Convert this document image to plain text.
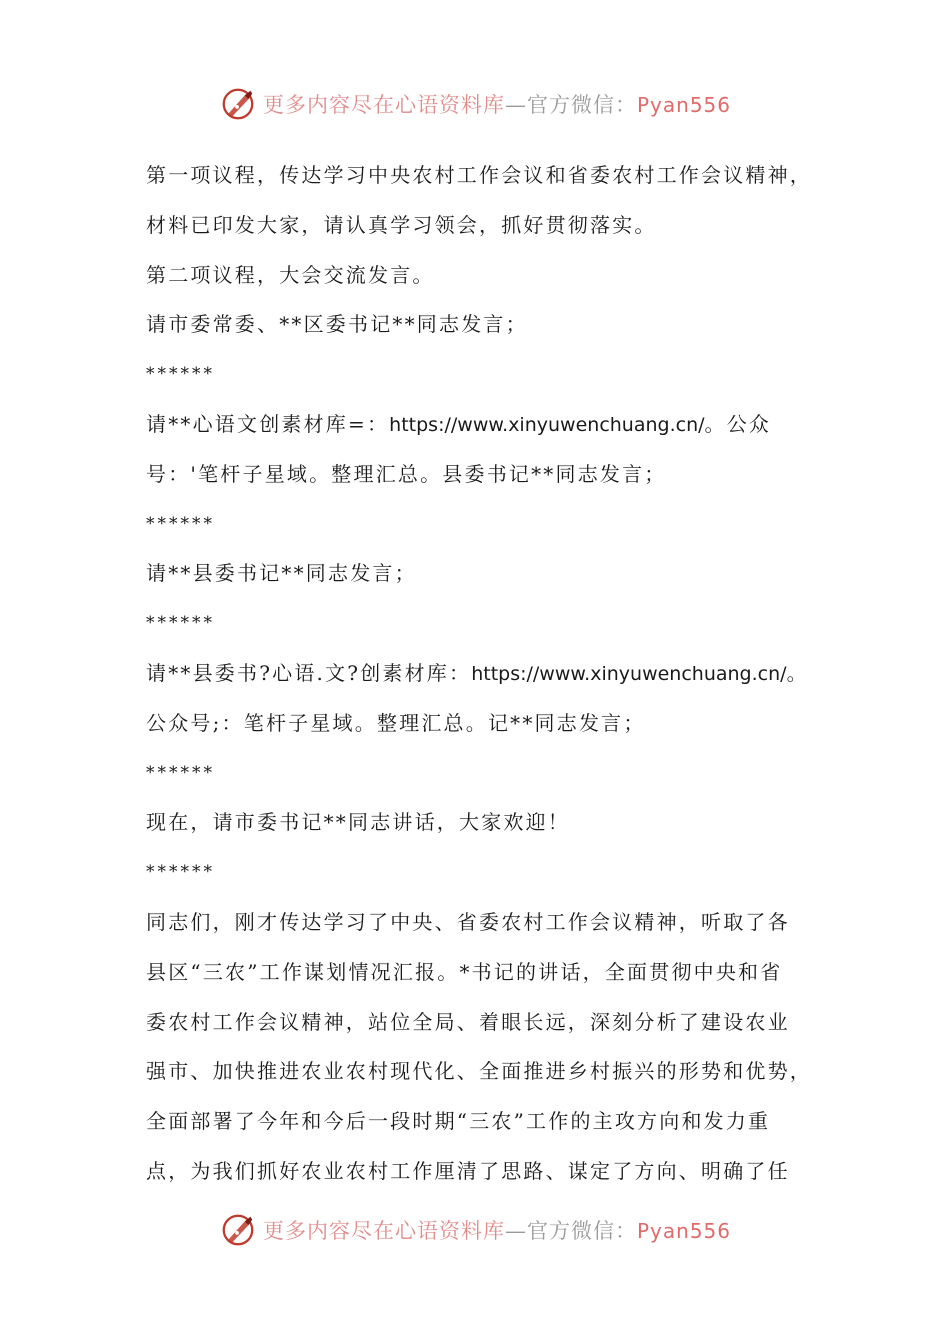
更多内容尽在心语资料库—官方微信：Pyan556
第一项议程，传达学习中央农村工作会议和省委农村工作会议精神，
材料已印发大家，请认真学习领会，抓好贯彻落实。
第二项议程，大会交流发言。
请市委常委、**区委书记**同志发言；
******
请**心语文创素材库=：https://www.xinyuwenchuang.cn/。公众
号：'笔杆子星域。整理汇总。县委书记**同志发言；
******
请**县委书记**同志发言；
******
请**县委书?心语.文?创素材库：https://www.xinyuwenchuang.cn/。
公众号;：笔杆子星域。整理汇总。记**同志发言；
******
现在，请市委书记**同志讲话，大家欢迎！
******
同志们，刚才传达学习了中央、省委农村工作会议精神，听取了各
县区“三农”工作谋划情况汇报。*书记的讲话，全面贯彻中央和省
委农村工作会议精神，站位全局、着眼长远，深刻分析了建设农业
强市、加快推进农业农村现代化、全面推进乡村振兴的形势和优势，
全面部署了今年和今后一段时期“三农”工作的主攻方向和发力重
点，为我们抓好农业农村工作厘清了思路、谋定了方向、明确了任
更多内容尽在心语资料库—官方微信：Pyan556
